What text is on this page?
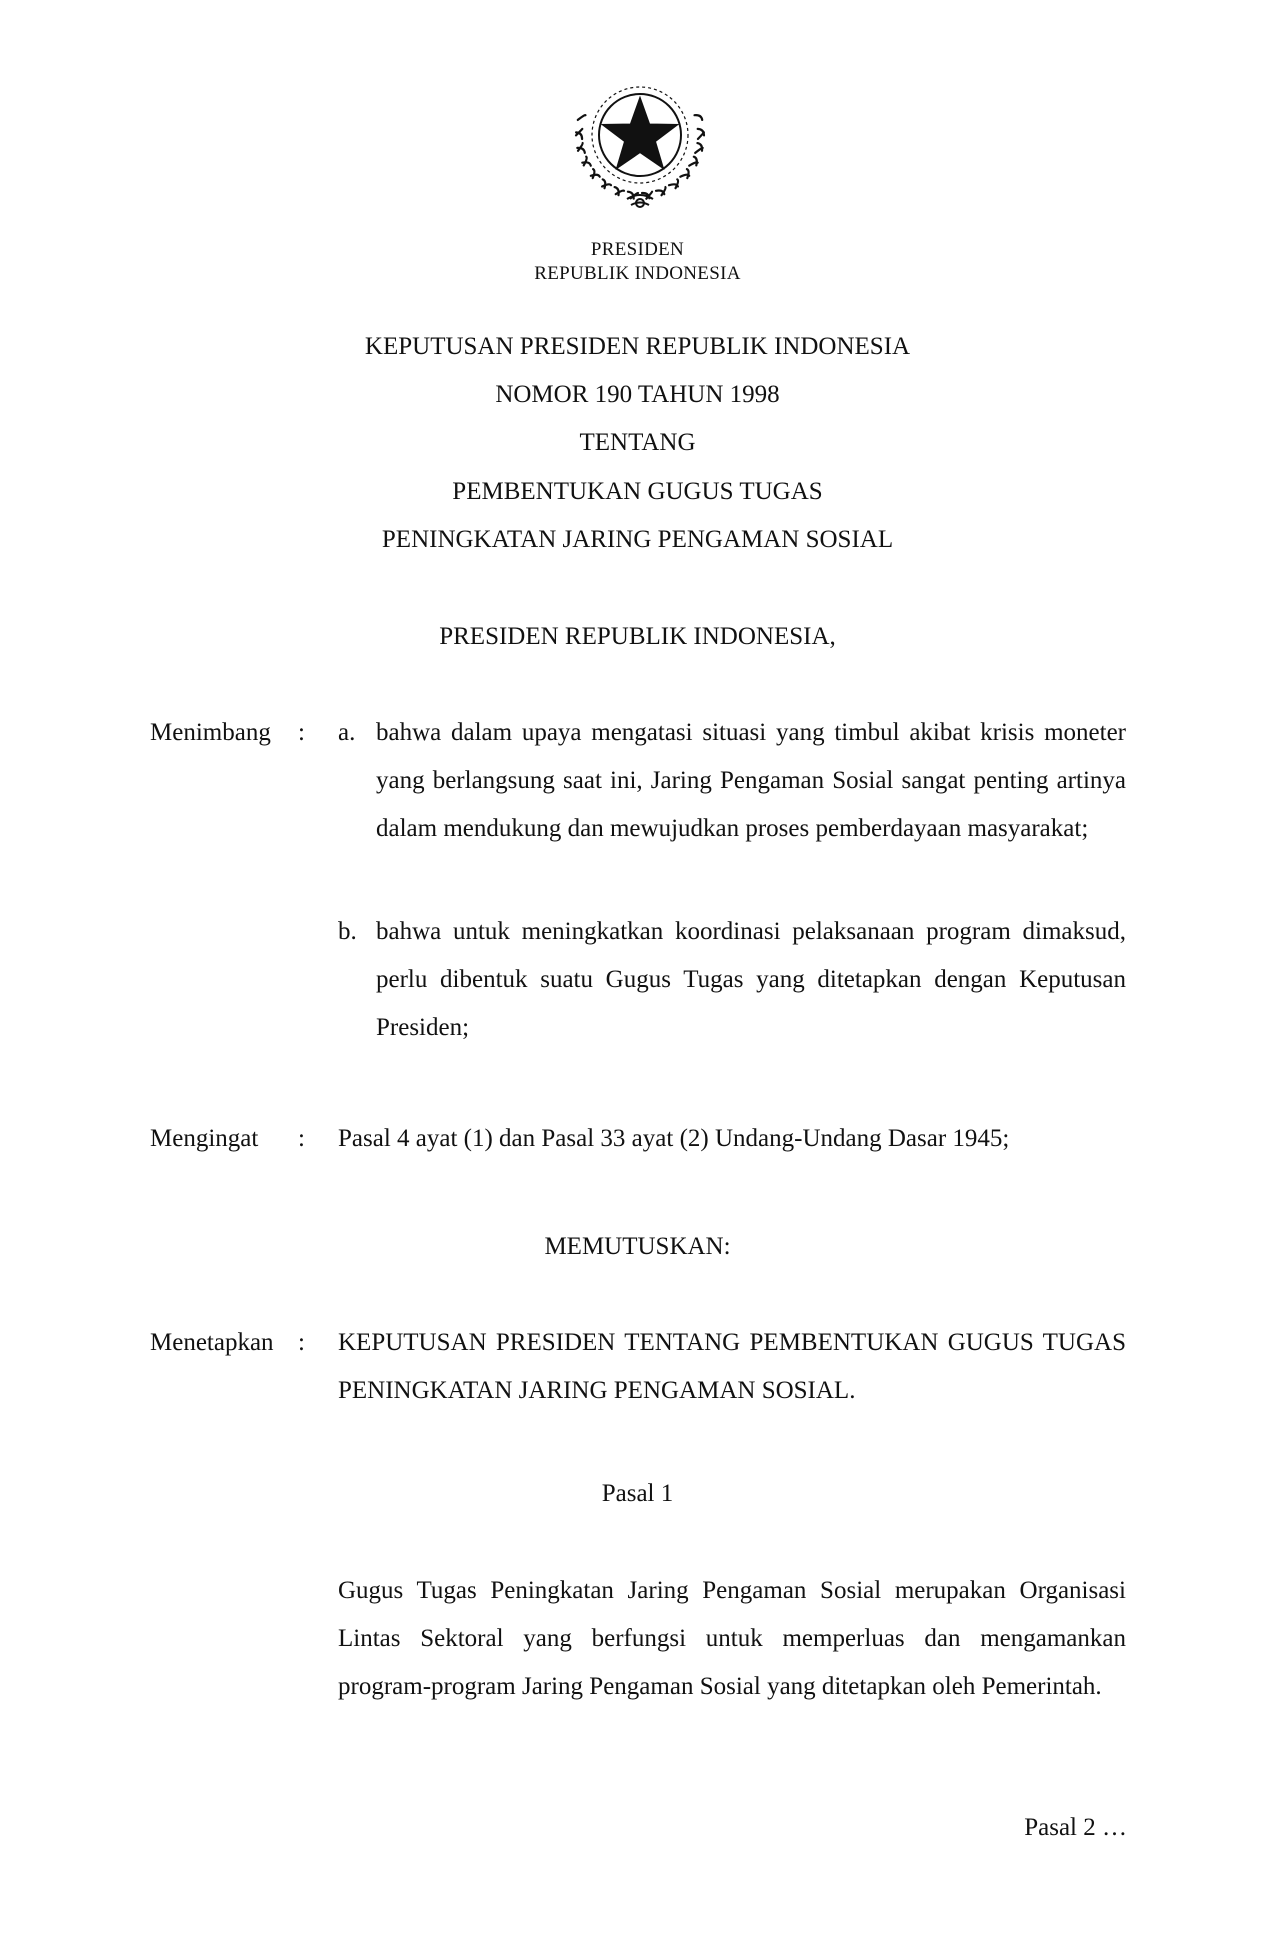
PRESIDEN
REPUBLIK INDONESIA
KEPUTUSAN PRESIDEN REPUBLIK INDONESIA
NOMOR 190 TAHUN 1998
TENTANG
PEMBENTUKAN GUGUS TUGAS
PENINGKATAN JARING PENGAMAN SOSIAL
PRESIDEN REPUBLIK INDONESIA,
Menimbang : a. bahwa dalam upaya mengatasi situasi yang timbul akibat krisis moneter yang berlangsung saat ini, Jaring Pengaman Sosial sangat penting artinya dalam mendukung dan mewujudkan proses pemberdayaan masyarakat;
b. bahwa untuk meningkatkan koordinasi pelaksanaan program dimaksud, perlu dibentuk suatu Gugus Tugas yang ditetapkan dengan Keputusan Presiden;
Mengingat : Pasal 4 ayat (1) dan Pasal 33 ayat (2) Undang-Undang Dasar 1945;
MEMUTUSKAN:
Menetapkan : KEPUTUSAN PRESIDEN TENTANG PEMBENTUKAN GUGUS TUGAS PENINGKATAN JARING PENGAMAN SOSIAL.
Pasal 1
Gugus Tugas Peningkatan Jaring Pengaman Sosial merupakan Organisasi Lintas Sektoral yang berfungsi untuk memperluas dan mengamankan program-program Jaring Pengaman Sosial yang ditetapkan oleh Pemerintah.
Pasal 2 …
